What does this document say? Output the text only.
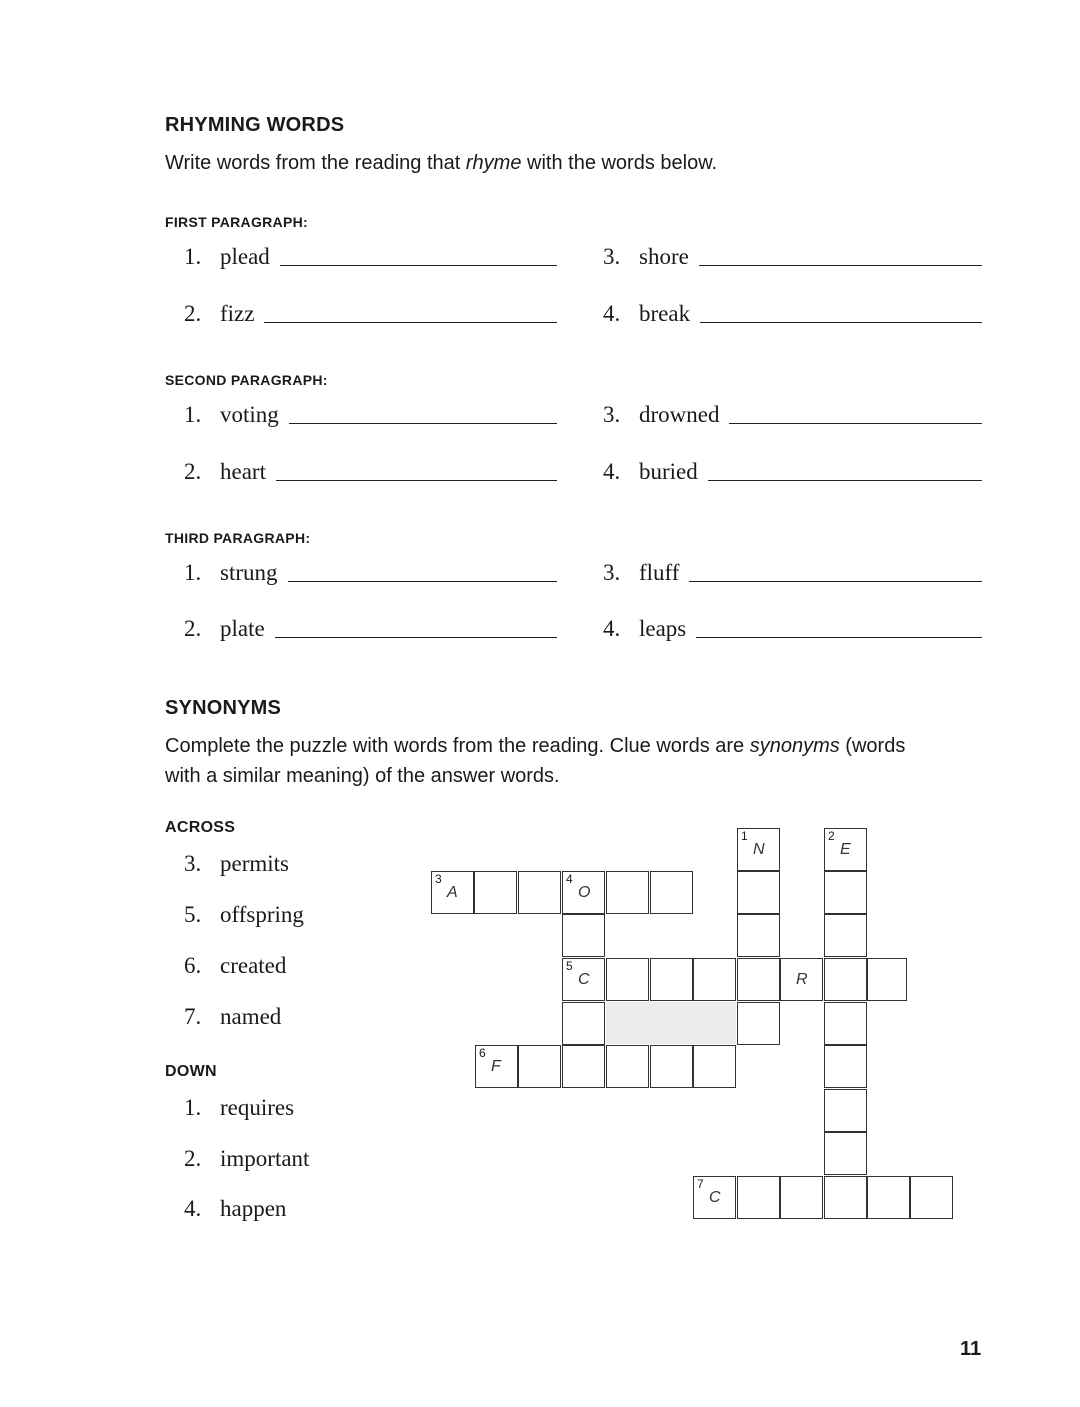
RHYMING WORDS
Write words from the reading that rhyme with the words below.
FIRST PARAGRAPH:
1. plead
2. fizz
3. shore
4. break
SECOND PARAGRAPH:
1. voting
2. heart
3. drowned
4. buried
THIRD PARAGRAPH:
1. strung
2. plate
3. fluff
4. leaps
SYNONYMS
Complete the puzzle with words from the reading. Clue words are synonyms (words
with a similar meaning) of the answer words.
ACROSS
3. permits
5. offspring
6. created
7. named
DOWN
1. requires
2. important
4. happen
1
N
2
E
3
A
4
O
5
C	R
6
F
7
C
11
